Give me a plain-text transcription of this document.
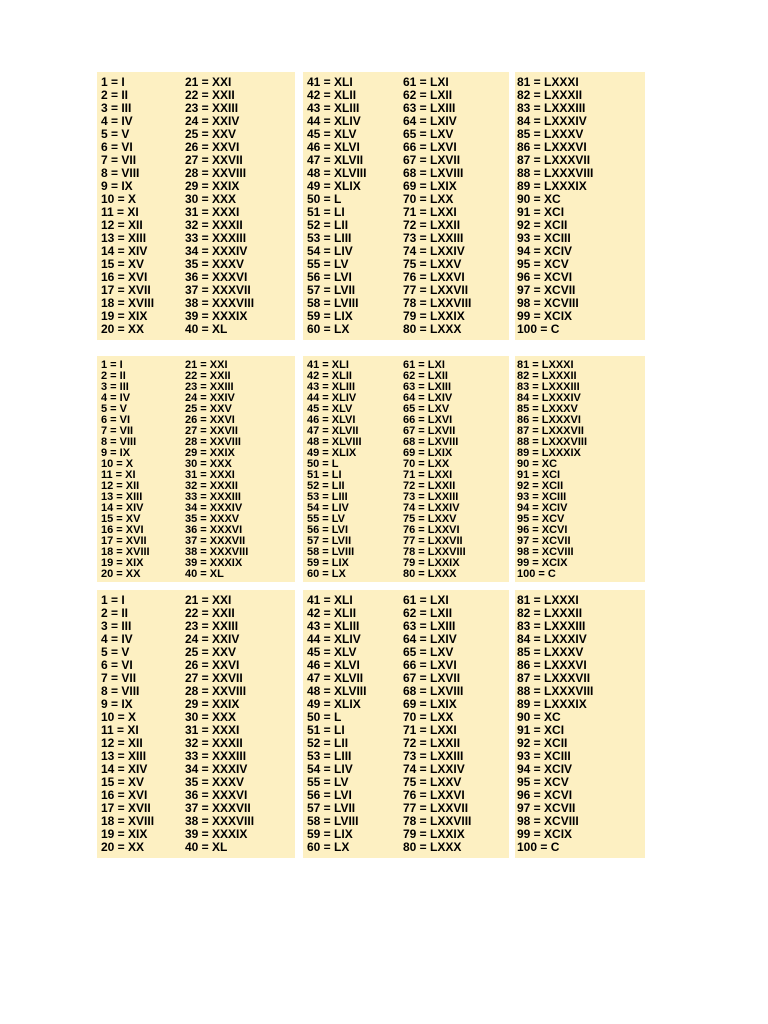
1 = I
2 = II
3 = III
4 = IV
5 = V
6 = VI
7 = VII
8 = VIII
9 = IX
10 = X
11 = XI
12 = XII
13 = XIII
14 = XIV
15 = XV
16 = XVI
17 = XVII
18 = XVIII
19 = XIX
20 = XX
21 = XXI
22 = XXII
23 = XXIII
24 = XXIV
25 = XXV
26 = XXVI
27 = XXVII
28 = XXVIII
29 = XXIX
30 = XXX
31 = XXXI
32 = XXXII
33 = XXXIII
34 = XXXIV
35 = XXXV
36 = XXXVI
37 = XXXVII
38 = XXXVIII
39 = XXXIX
40 = XL
41 = XLI
42 = XLII
43 = XLIII
44 = XLIV
45 = XLV
46 = XLVI
47 = XLVII
48 = XLVIII
49 = XLIX
50 = L
51 = LI
52 = LII
53 = LIII
54 = LIV
55 = LV
56 = LVI
57 = LVII
58 = LVIII
59 = LIX
60 = LX
61 = LXI
62 = LXII
63 = LXIII
64 = LXIV
65 = LXV
66 = LXVI
67 = LXVII
68 = LXVIII
69 = LXIX
70 = LXX
71 = LXXI
72 = LXXII
73 = LXXIII
74 = LXXIV
75 = LXXV
76 = LXXVI
77 = LXXVII
78 = LXXVIII
79 = LXXIX
80 = LXXX
81 = LXXXI
82 = LXXXII
83 = LXXXIII
84 = LXXXIV
85 = LXXXV
86 = LXXXVI
87 = LXXXVII
88 = LXXXVIII
89 = LXXXIX
90 = XC
91 = XCI
92 = XCII
93 = XCIII
94 = XCIV
95 = XCV
96 = XCVI
97 = XCVII
98 = XCVIII
99 = XCIX
100 = C
1 = I
2 = II
3 = III
4 = IV
5 = V
6 = VI
7 = VII
8 = VIII
9 = IX
10 = X
11 = XI
12 = XII
13 = XIII
14 = XIV
15 = XV
16 = XVI
17 = XVII
18 = XVIII
19 = XIX
20 = XX
21 = XXI
22 = XXII
23 = XXIII
24 = XXIV
25 = XXV
26 = XXVI
27 = XXVII
28 = XXVIII
29 = XXIX
30 = XXX
31 = XXXI
32 = XXXII
33 = XXXIII
34 = XXXIV
35 = XXXV
36 = XXXVI
37 = XXXVII
38 = XXXVIII
39 = XXXIX
40 = XL
41 = XLI
42 = XLII
43 = XLIII
44 = XLIV
45 = XLV
46 = XLVI
47 = XLVII
48 = XLVIII
49 = XLIX
50 = L
51 = LI
52 = LII
53 = LIII
54 = LIV
55 = LV
56 = LVI
57 = LVII
58 = LVIII
59 = LIX
60 = LX
61 = LXI
62 = LXII
63 = LXIII
64 = LXIV
65 = LXV
66 = LXVI
67 = LXVII
68 = LXVIII
69 = LXIX
70 = LXX
71 = LXXI
72 = LXXII
73 = LXXIII
74 = LXXIV
75 = LXXV
76 = LXXVI
77 = LXXVII
78 = LXXVIII
79 = LXXIX
80 = LXXX
81 = LXXXI
82 = LXXXII
83 = LXXXIII
84 = LXXXIV
85 = LXXXV
86 = LXXXVI
87 = LXXXVII
88 = LXXXVIII
89 = LXXXIX
90 = XC
91 = XCI
92 = XCII
93 = XCIII
94 = XCIV
95 = XCV
96 = XCVI
97 = XCVII
98 = XCVIII
99 = XCIX
100 = C
1 = I
2 = II
3 = III
4 = IV
5 = V
6 = VI
7 = VII
8 = VIII
9 = IX
10 = X
11 = XI
12 = XII
13 = XIII
14 = XIV
15 = XV
16 = XVI
17 = XVII
18 = XVIII
19 = XIX
20 = XX
21 = XXI
22 = XXII
23 = XXIII
24 = XXIV
25 = XXV
26 = XXVI
27 = XXVII
28 = XXVIII
29 = XXIX
30 = XXX
31 = XXXI
32 = XXXII
33 = XXXIII
34 = XXXIV
35 = XXXV
36 = XXXVI
37 = XXXVII
38 = XXXVIII
39 = XXXIX
40 = XL
41 = XLI
42 = XLII
43 = XLIII
44 = XLIV
45 = XLV
46 = XLVI
47 = XLVII
48 = XLVIII
49 = XLIX
50 = L
51 = LI
52 = LII
53 = LIII
54 = LIV
55 = LV
56 = LVI
57 = LVII
58 = LVIII
59 = LIX
60 = LX
61 = LXI
62 = LXII
63 = LXIII
64 = LXIV
65 = LXV
66 = LXVI
67 = LXVII
68 = LXVIII
69 = LXIX
70 = LXX
71 = LXXI
72 = LXXII
73 = LXXIII
74 = LXXIV
75 = LXXV
76 = LXXVI
77 = LXXVII
78 = LXXVIII
79 = LXXIX
80 = LXXX
81 = LXXXI
82 = LXXXII
83 = LXXXIII
84 = LXXXIV
85 = LXXXV
86 = LXXXVI
87 = LXXXVII
88 = LXXXVIII
89 = LXXXIX
90 = XC
91 = XCI
92 = XCII
93 = XCIII
94 = XCIV
95 = XCV
96 = XCVI
97 = XCVII
98 = XCVIII
99 = XCIX
100 = C
